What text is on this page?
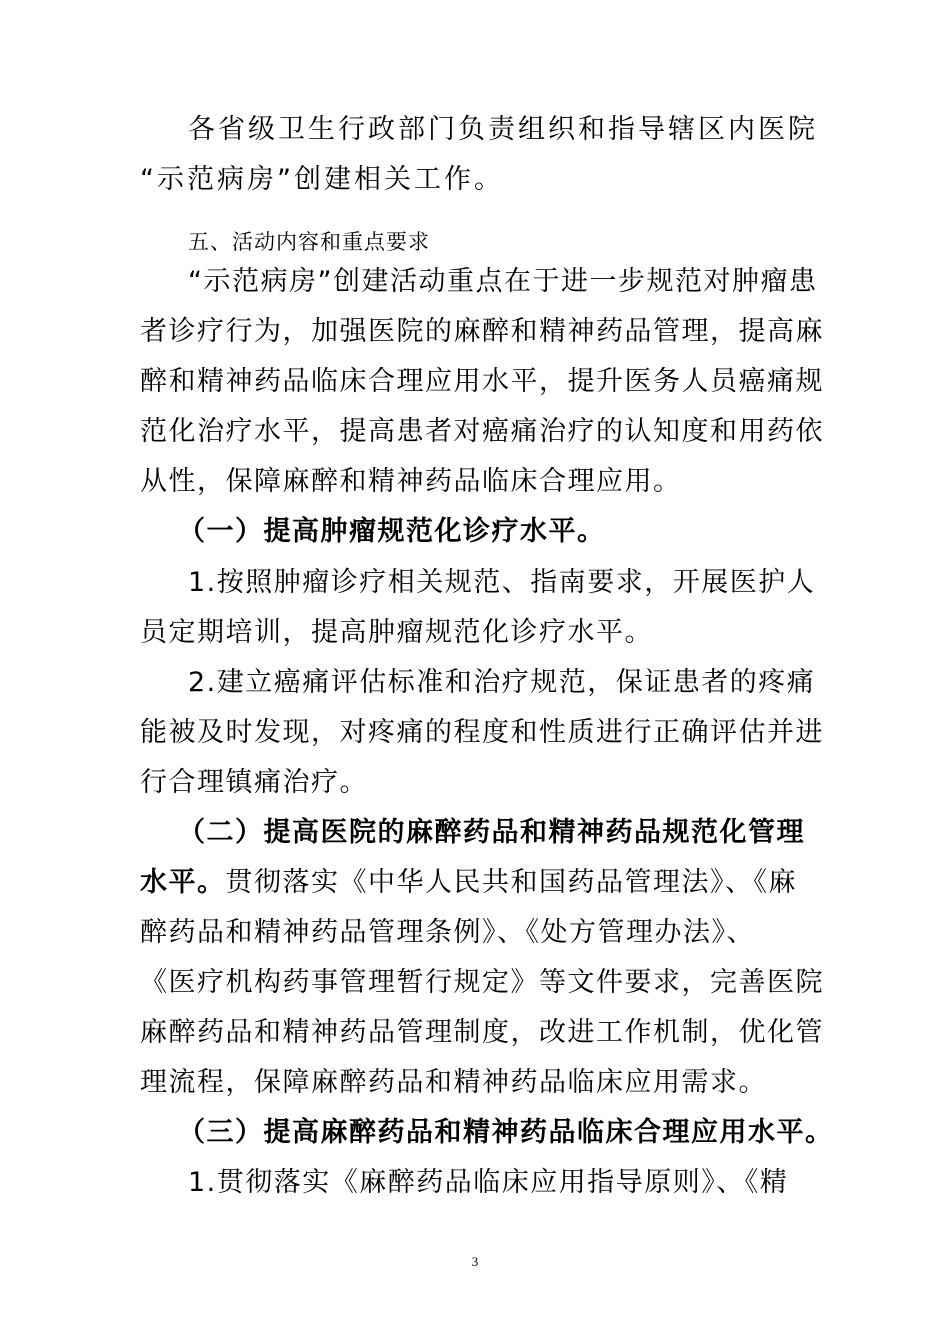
各省级卫生行政部门负责组织和指导辖区内医院
“示范病房”创建相关工作。
五、活动内容和重点要求
“示范病房”创建活动重点在于进一步规范对肿瘤患
者诊疗行为，加强医院的麻醉和精神药品管理，提高麻
醉和精神药品临床合理应用水平，提升医务人员癌痛规
范化治疗水平，提高患者对癌痛治疗的认知度和用药依
从性，保障麻醉和精神药品临床合理应用。
（一）提高肿瘤规范化诊疗水平。
1.按照肿瘤诊疗相关规范、指南要求，开展医护人
员定期培训，提高肿瘤规范化诊疗水平。
2.建立癌痛评估标准和治疗规范，保证患者的疼痛
能被及时发现，对疼痛的程度和性质进行正确评估并进
行合理镇痛治疗。
（二）提高医院的麻醉药品和精神药品规范化管理
水平。贯彻落实《中华人民共和国药品管理法》、《麻
醉药品和精神药品管理条例》、《处方管理办法》、
《医疗机构药事管理暂行规定》等文件要求，完善医院
麻醉药品和精神药品管理制度，改进工作机制，优化管
理流程，保障麻醉药品和精神药品临床应用需求。
（三）提高麻醉药品和精神药品临床合理应用水平。
1.贯彻落实《麻醉药品临床应用指导原则》、《精
3
